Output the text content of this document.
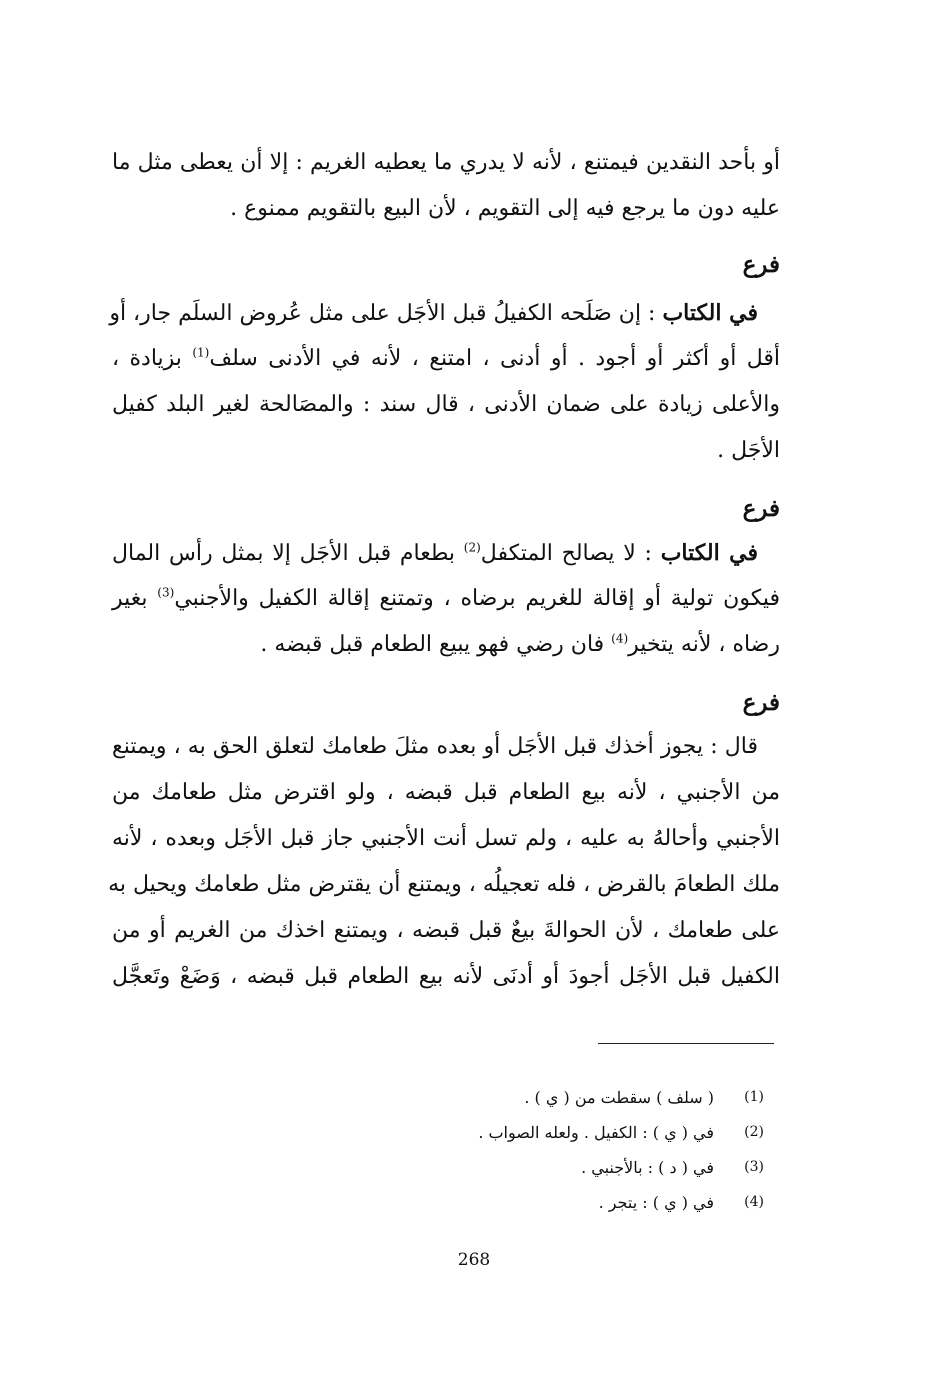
أو بأحد النقدين فيمتنع ، لأنه لا يدري ما يعطيه الغريم : إلا أن يعطى مثل ما
عليه دون ما يرجع فيه إلى التقويم ، لأن البيع بالتقويم ممنوع .
فرع
في الكتاب : إن صَلَحه الكفيلُ قبل الأجَل على مثل عُروض السلَم جار، أو
أقل أو أكثر أو أجود . أو أدنى ، امتنع ، لأنه في الأدنى سلف$^{(1)}$ بزيادة ،
والأعلى زيادة على ضمان الأدنى ، قال سند : والمصَالحة لغير البلد كفيل
الأجَل .
فرع
في الكتاب : لا يصالح المتكفل$^{(2)}$ بطعام قبل الأجَل إلا بمثل رأس المال
فيكون تولية أو إقالة للغريم برضاه ، وتمتنع إقالة الكفيل والأجنبي$^{(3)}$ بغير
رضاه ، لأنه يتخير$^{(4)}$ فان رضي فهو يبيع الطعام قبل قبضه .
فرع
قال : يجوز أخذك قبل الأجَل أو بعده مثلَ طعامك لتعلق الحق به ، ويمتنع
من الأجنبي ، لأنه بيع الطعام قبل قبضه ، ولو اقترض مثل طعامك من
الأجنبي وأحالهُ به عليه ، ولم تسل أنت الأجنبي جاز قبل الأجَل وبعده ، لأنه
ملك الطعامَ بالقرض ، فله تعجيلُه ، ويمتنع أن يقترض مثل طعامك ويحيل به
على طعامك ، لأن الحوالةَ بيعٌ قبل قبضه ، ويمتنع اخذك من الغريم أو من
الكفيل قبل الأجَل أجودَ أو أدنَى لأنه بيع الطعام قبل قبضه ، وَضَعْ وتَعجَّل
(1)
( سلف ) سقطت من ( ي ) .
(2)
في ( ي ) : الكفيل . ولعله الصواب .
(3)
في ( د ) : بالأجنبي .
(4)
في ( ي ) : يتجر .
268
